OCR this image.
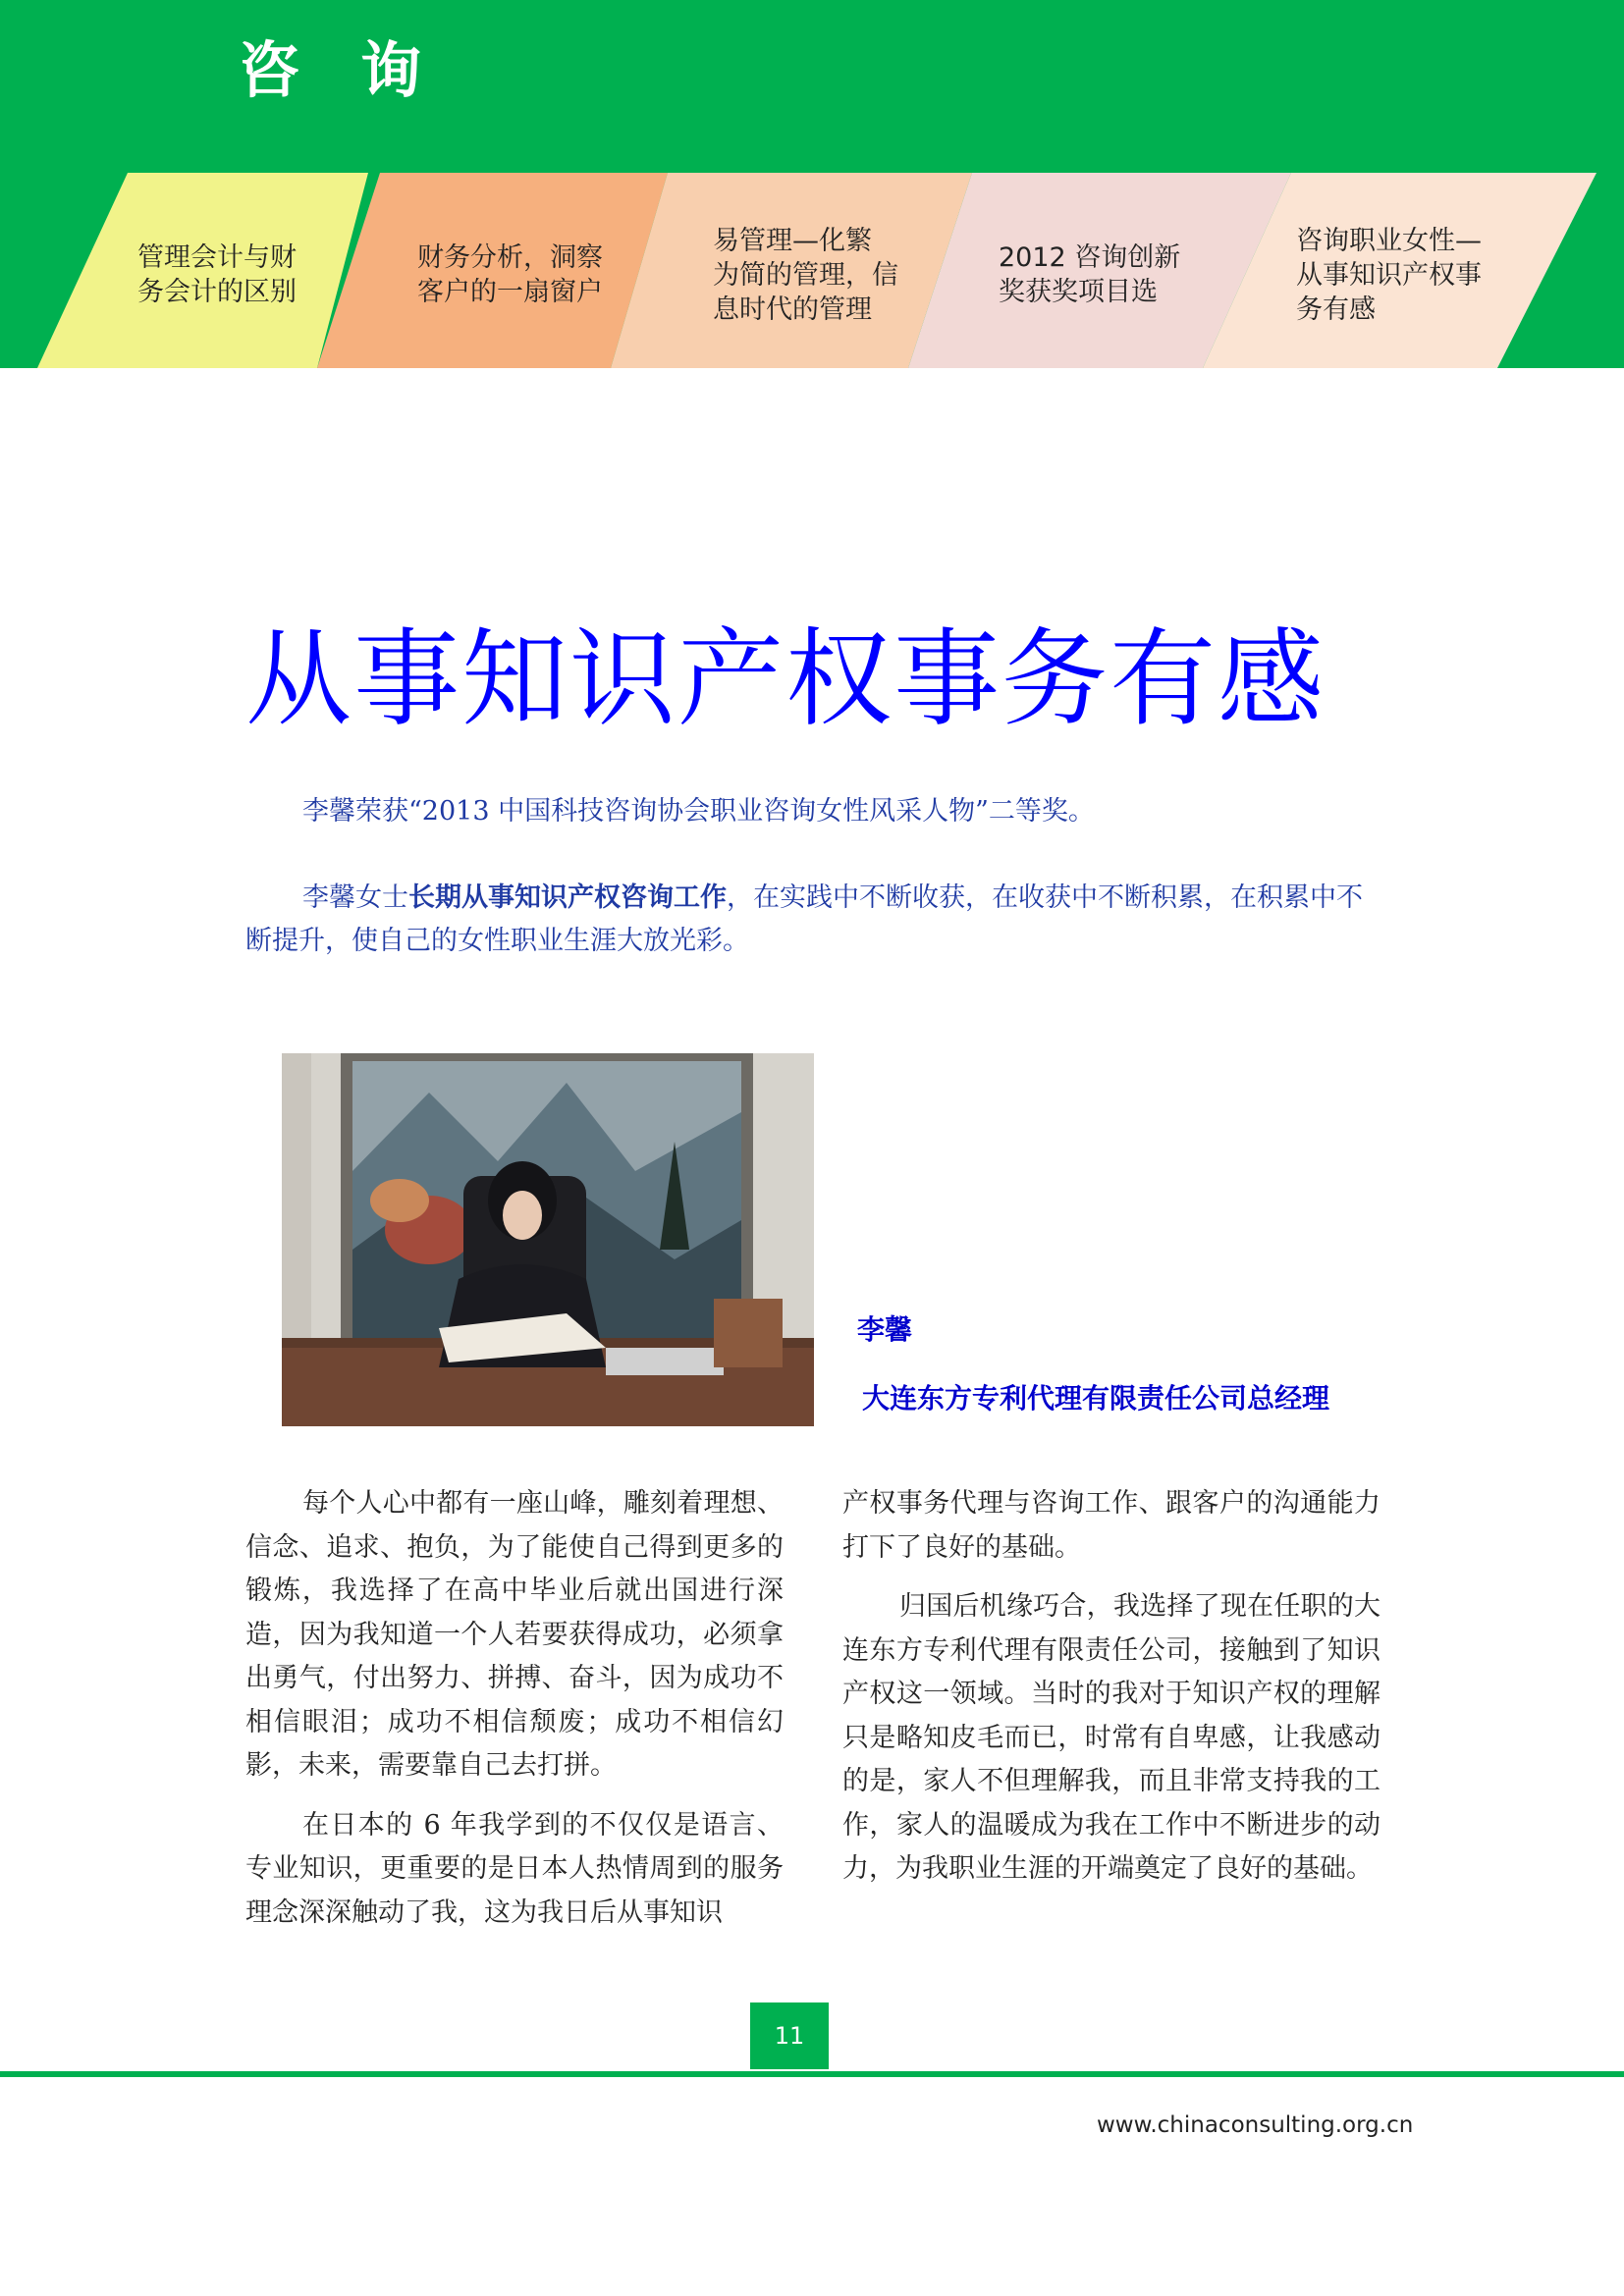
咨询
管理会计与财
务会计的区别
财务分析，洞察
客户的一扇窗户
易管理—化繁
为简的管理，信
息时代的管理
2012 咨询创新
奖获奖项目选
咨询职业女性—
从事知识产权事
务有感
从事知识产权事务有感

李馨荣获“2013 中国科技咨询协会职业咨询女性风采人物”二等奖。

李馨女士长期从事知识产权咨询工作，在实践中不断收获，在收获中不断积累，在积累中不断提升，使自己的女性职业生涯大放光彩。

李馨
大连东方专利代理有限责任公司总经理

每个人心中都有一座山峰，雕刻着理想、信念、追求、抱负，为了能使自己得到更多的锻炼，我选择了在高中毕业后就出国进行深造，因为我知道一个人若要获得成功，必须拿出勇气，付出努力、拼搏、奋斗，因为成功不相信眼泪；成功不相信颓废；成功不相信幻影，未来，需要靠自己去打拼。

在日本的 6 年我学到的不仅仅是语言、专业知识，更重要的是日本人热情周到的服务理念深深触动了我，这为我日后从事知识

产权事务代理与咨询工作、跟客户的沟通能力打下了良好的基础。

归国后机缘巧合，我选择了现在任职的大连东方专利代理有限责任公司，接触到了知识产权这一领域。当时的我对于知识产权的理解只是略知皮毛而已，时常有自卑感，让我感动的是，家人不但理解我，而且非常支持我的工作，家人的温暖成为我在工作中不断进步的动力，为我职业生涯的开端奠定了良好的基础。

11
www.chinaconsulting.org.cn
